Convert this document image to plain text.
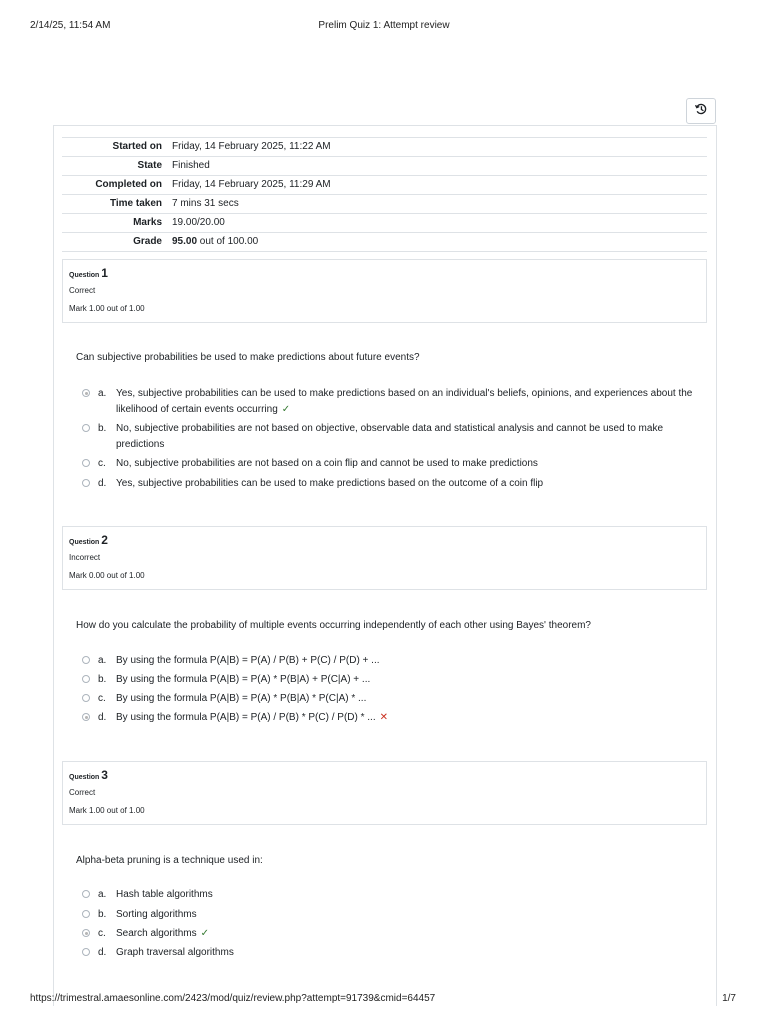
2/14/25, 11:54 AM	Prelim Quiz 1: Attempt review
Started on	Friday, 14 February 2025, 11:22 AM
State	Finished
Completed on	Friday, 14 February 2025, 11:29 AM
Time taken	7 mins 31 secs
Marks	19.00/20.00
Grade	95.00 out of 100.00
Question 1
Correct
Mark 1.00 out of 1.00
Can subjective probabilities be used to make predictions about future events?
a. Yes, subjective probabilities can be used to make predictions based on an individual's beliefs, opinions, and experiences about the likelihood of certain events occurring ✓
b. No, subjective probabilities are not based on objective, observable data and statistical analysis and cannot be used to make predictions
c. No, subjective probabilities are not based on a coin flip and cannot be used to make predictions
d. Yes, subjective probabilities can be used to make predictions based on the outcome of a coin flip
Question 2
Incorrect
Mark 0.00 out of 1.00
How do you calculate the probability of multiple events occurring independently of each other using Bayes' theorem?
a. By using the formula P(A|B) = P(A) / P(B) + P(C) / P(D) + ...
b. By using the formula P(A|B) = P(A) * P(B|A) + P(C|A) + ...
c. By using the formula P(A|B) = P(A) * P(B|A) * P(C|A) * ...
d. By using the formula P(A|B) = P(A) / P(B) * P(C) / P(D) * ... ✕
Question 3
Correct
Mark 1.00 out of 1.00
Alpha-beta pruning is a technique used in:
a. Hash table algorithms
b. Sorting algorithms
c. Search algorithms ✓
d. Graph traversal algorithms
https://trimestral.amaesonline.com/2423/mod/quiz/review.php?attempt=91739&cmid=64457	1/7
